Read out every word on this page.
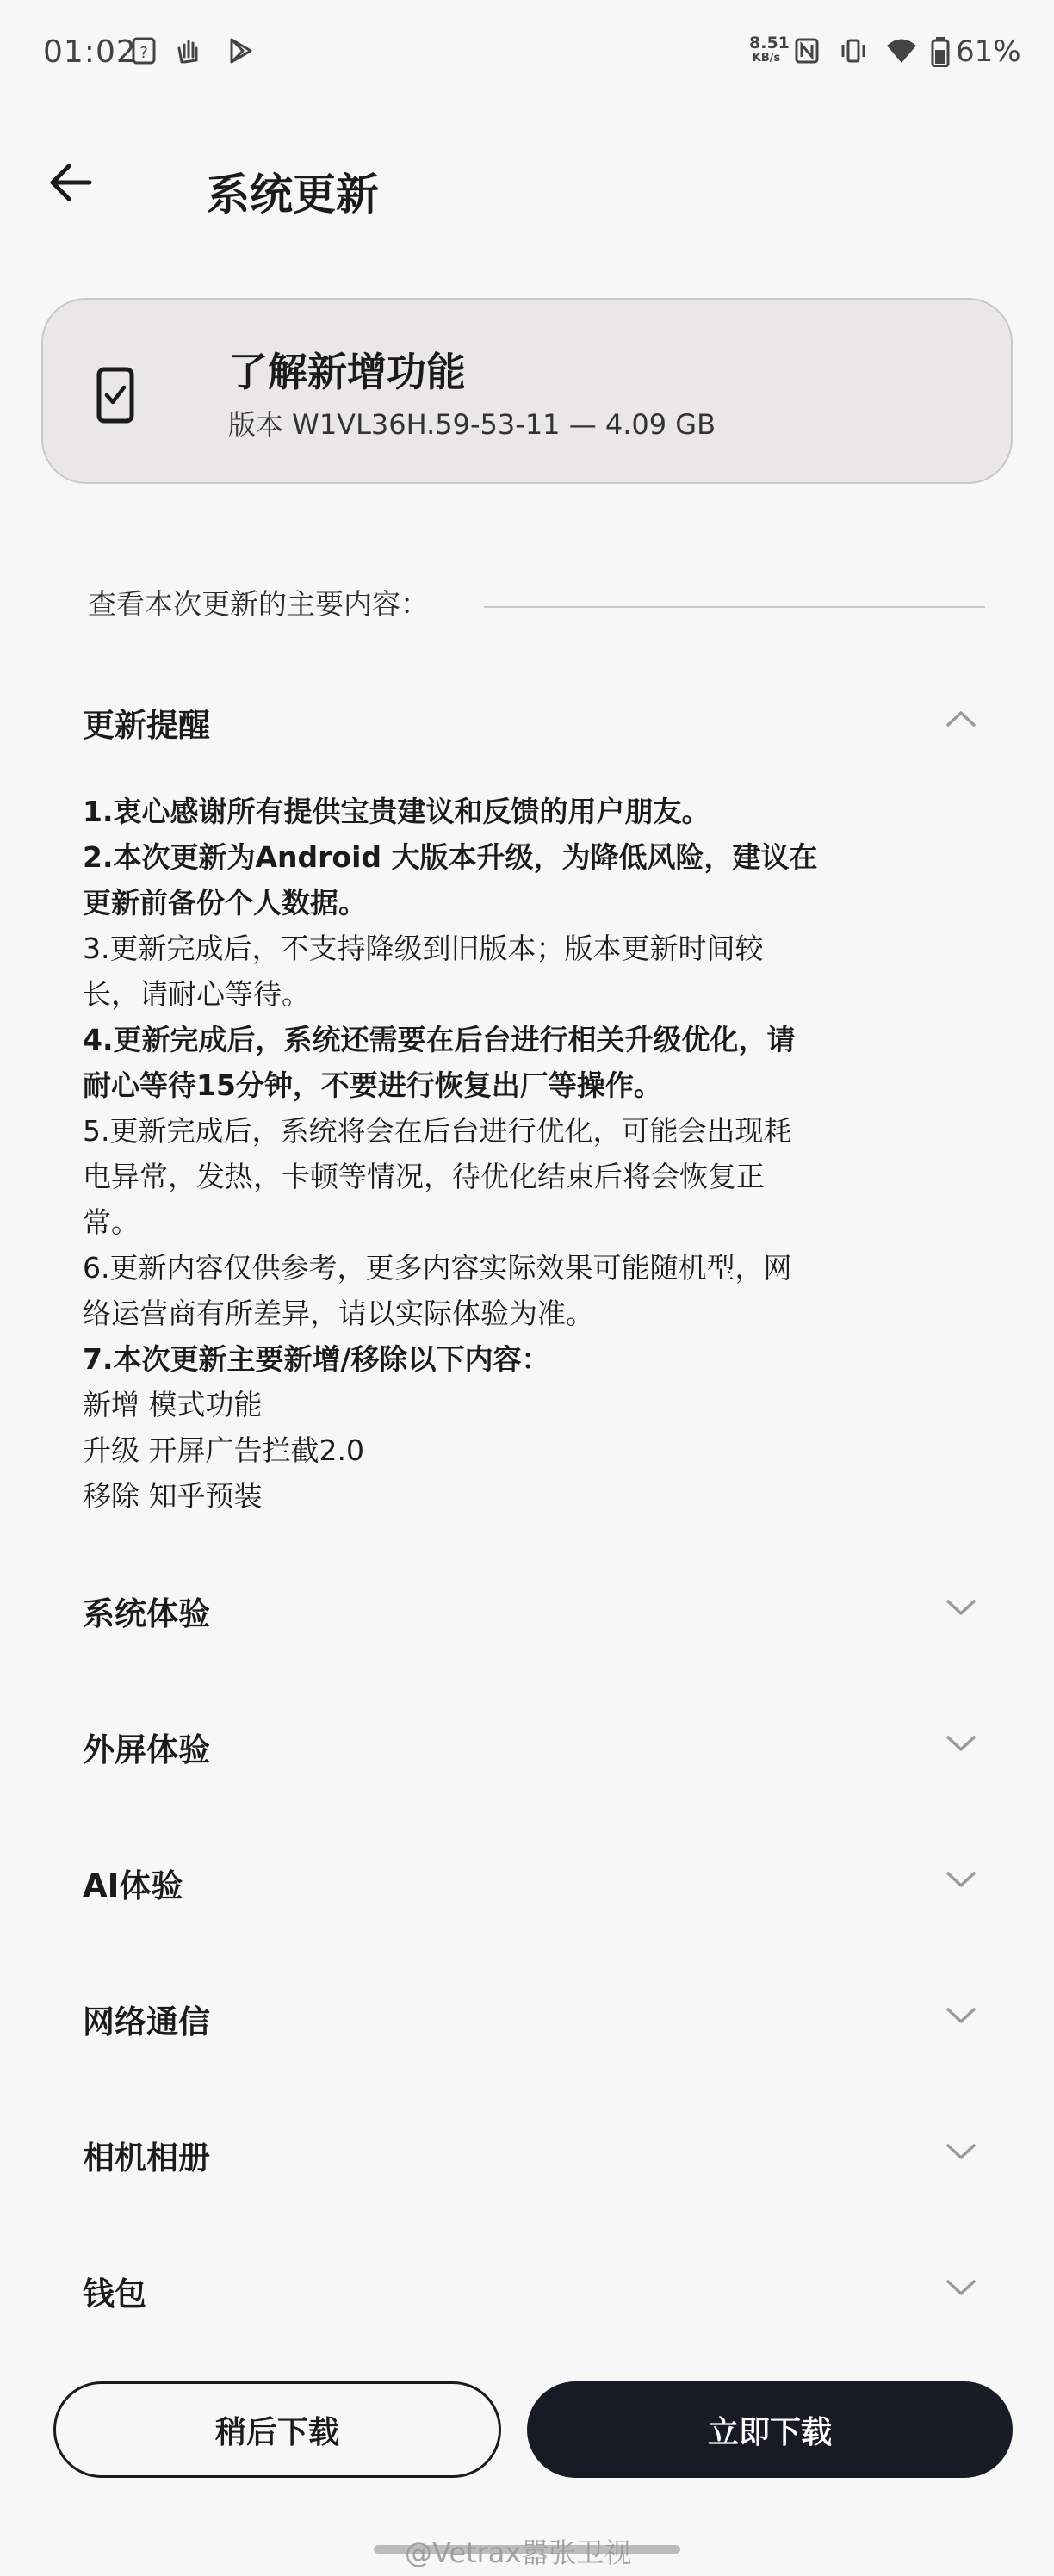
01:02 ?
8.51
KB/s	61%
系统更新
了解新增功能
版本 W1VL36H.59-53-11 — 4.09 GB
查看本次更新的主要内容：
更新提醒
1.衷心感谢所有提供宝贵建议和反馈的用户朋友。
2.本次更新为Android 大版本升级，为降低风险，建议在
更新前备份个人数据。
3.更新完成后，不支持降级到旧版本；版本更新时间较
长，请耐心等待。
4.更新完成后，系统还需要在后台进行相关升级优化，请
耐心等待15分钟，不要进行恢复出厂等操作。
5.更新完成后，系统将会在后台进行优化，可能会出现耗
电异常，发热，卡顿等情况，待优化结束后将会恢复正
常。
6.更新内容仅供参考，更多内容实际效果可能随机型，网
络运营商有所差异，请以实际体验为准。
7.本次更新主要新增/移除以下内容：
新增 模式功能
升级 开屏广告拦截2.0
移除 知乎预装
系统体验
外屏体验
AI体验
网络通信
相机相册
钱包
稍后下载	立即下载
@Vetrax嚣张卫视
